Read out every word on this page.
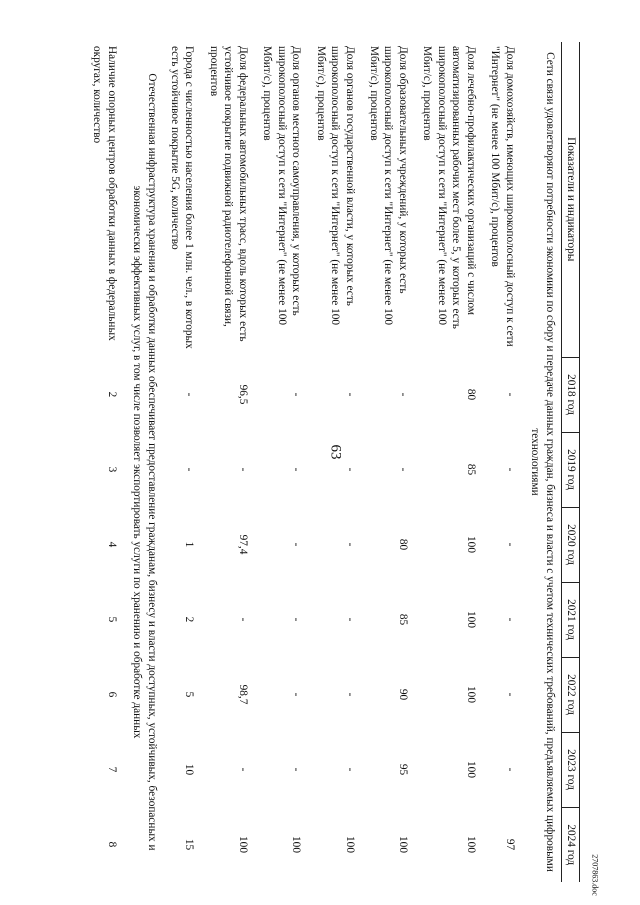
63
Показатели и индикаторы	2018 год	2019 год	2020 год	2021 год	2022 год	2023 год	2024 год
Сети связи удовлетворяют потребности экономики по сбору и передаче данных граждан, бизнеса и власти с учетом технических требований, предъявляемых цифровыми технологиями							
Доля домохозяйств, имеющих широкополосный доступ к сети "Интернет" (не менее 100 Мбит/с), процентов	-	-	-	-	-	-	97
Доля лечебно-профилактических организаций с числом автоматизированных рабочих мест более 5, у которых есть широкополосный доступ к сети "Интернет" (не менее 100 Мбит/с), процентов	80	85	100	100	100	100	100
Доля образовательных учреждений, у которых есть широкополосный доступ к сети "Интернет" (не менее 100 Мбит/с), процентов	-	-	80	85	90	95	100
Доля органов государственной власти, у которых есть широкополосный доступ к сети "Интернет" (не менее 100 Мбит/с), процентов	-	-	-	-	-	-	100
Доля органов местного самоуправления, у которых есть широкополосный доступ к сети "Интернет" (не менее 100 Мбит/с), процентов	-	-	-	-	-	-	100
Доля федеральных автомобильных трасс, вдоль которых есть устойчивое покрытие подвижной радиотелефонной связи, процентов	96,5	-	97,4	-	98,7	-	100
Города с численностью населения более 1 млн. чел., в которых есть устойчивое покрытие 5G, количество	-	-	1	2	5	10	15
Отечественная инфраструктура хранения и обработки данных обеспечивает предоставление гражданам, бизнесу и власти доступных, устойчивых, безопасных и экономически эффективных услуг, в том числе позволяет экспортировать услуги по хранению и обработке данных							
Наличие опорных центров обработки данных в федеральных округах, количество	2	3	4	5	6	7	8
2707863.doc
